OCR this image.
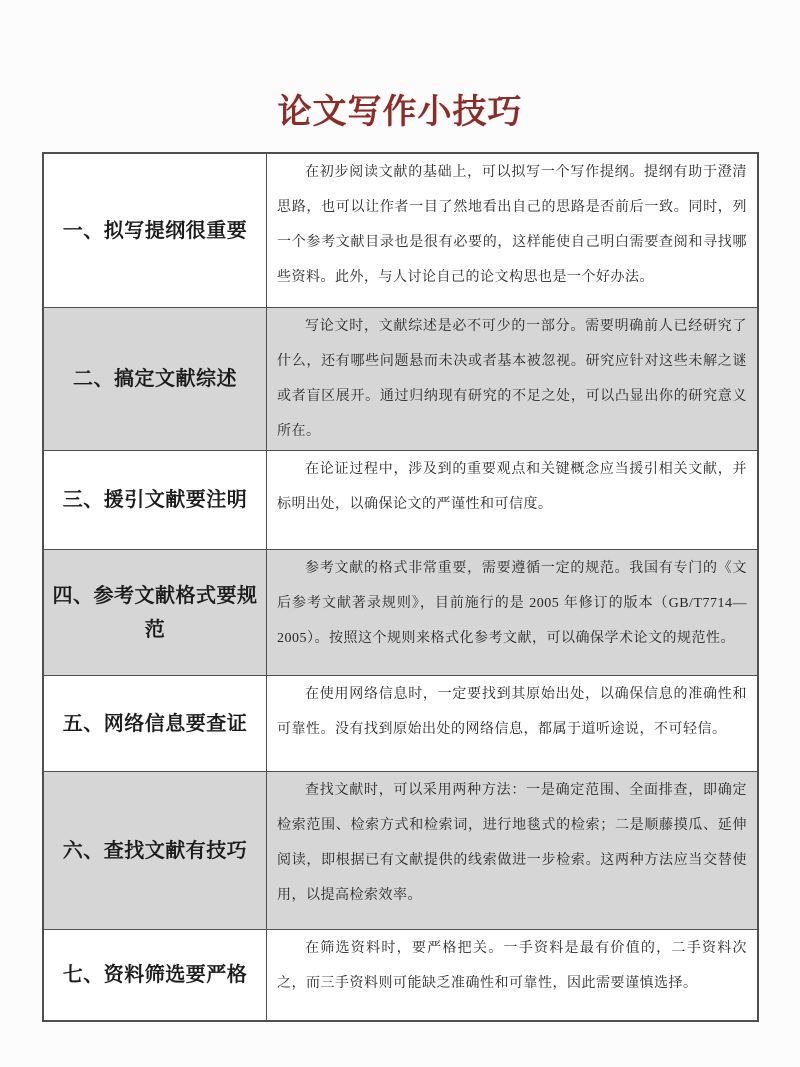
论文写作小技巧
一、拟写提纲很重要

在初步阅读文献的基础上，可以拟写一个写作提纲。提纲有助于澄清思路，也可以让作者一目了然地看出自己的思路是否前后一致。同时，列一个参考文献目录也是很有必要的，这样能使自己明白需要查阅和寻找哪些资料。此外，与人讨论自己的论文构思也是一个好办法。

二、搞定文献综述

写论文时，文献综述是必不可少的一部分。需要明确前人已经研究了什么，还有哪些问题悬而未决或者基本被忽视。研究应针对这些未解之谜或者盲区展开。通过归纳现有研究的不足之处，可以凸显出你的研究意义所在。

三、援引文献要注明

在论证过程中，涉及到的重要观点和关键概念应当援引相关文献，并标明出处，以确保论文的严谨性和可信度。

四、参考文献格式要规范

参考文献的格式非常重要，需要遵循一定的规范。我国有专门的《文后参考文献著录规则》，目前施行的是 2005 年修订的版本（GB/T7714—2005）。按照这个规则来格式化参考文献，可以确保学术论文的规范性。

五、网络信息要查证

在使用网络信息时，一定要找到其原始出处，以确保信息的准确性和可靠性。没有找到原始出处的网络信息，都属于道听途说，不可轻信。

六、查找文献有技巧

查找文献时，可以采用两种方法：一是确定范围、全面排查，即确定检索范围、检索方式和检索词，进行地毯式的检索；二是顺藤摸瓜、延伸阅读，即根据已有文献提供的线索做进一步检索。这两种方法应当交替使用，以提高检索效率。

七、资料筛选要严格

在筛选资料时，要严格把关。一手资料是最有价值的，二手资料次之，而三手资料则可能缺乏准确性和可靠性，因此需要谨慎选择。
